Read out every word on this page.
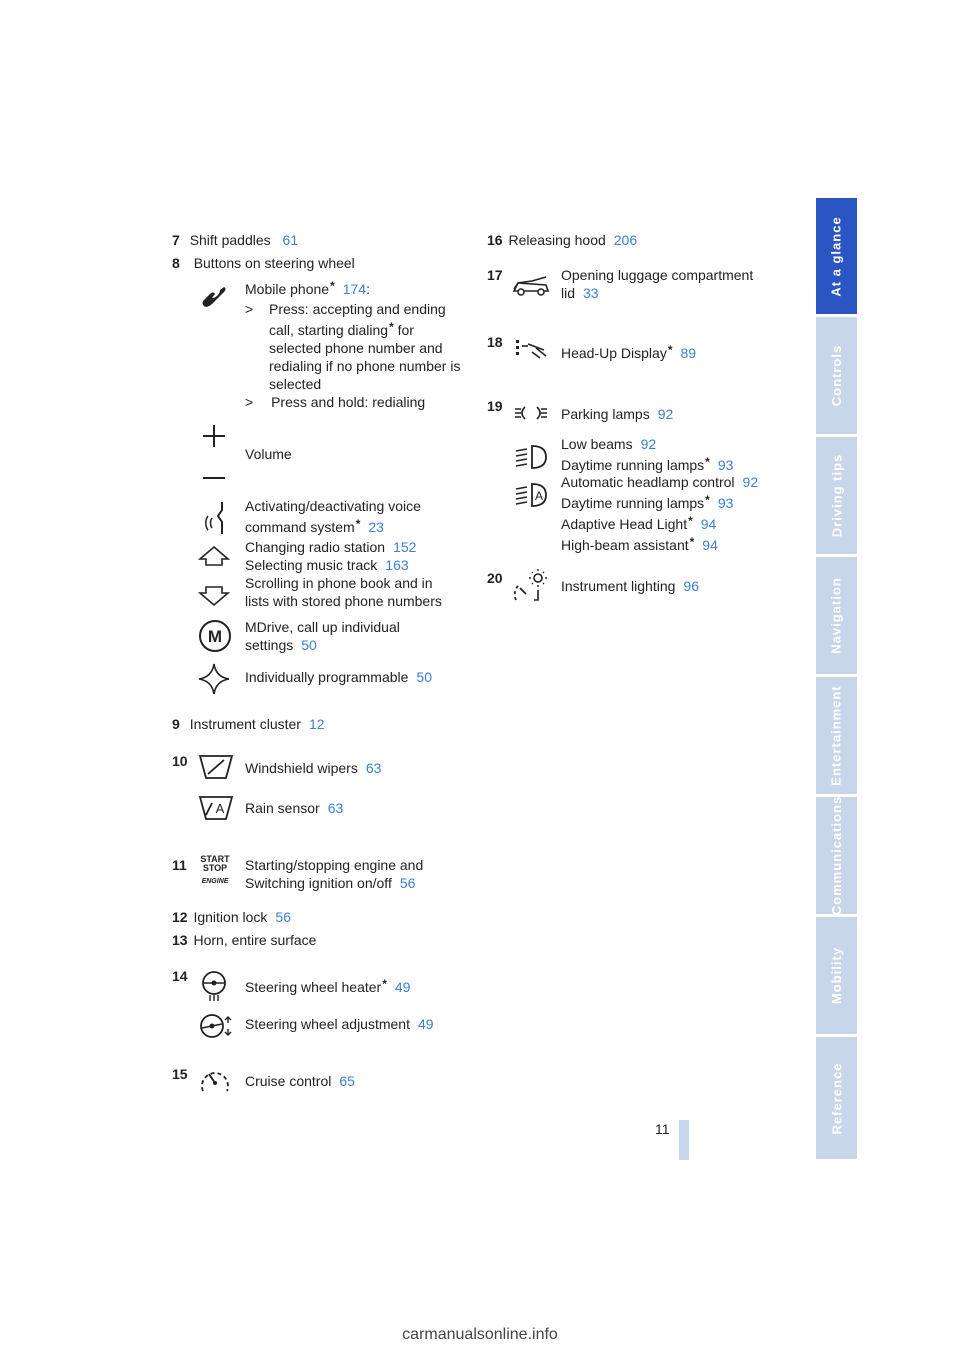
7 Shift paddles 61
8 Buttons on steering wheel
Mobile phone* 174:
> Press: accepting and ending
call, starting dialing* for
selected phone number and
redialing if no phone number is
selected
> Press and hold: redialing
Volume
Activating/deactivating voice
command system* 23
Changing radio station 152
Selecting music track 163
Scrolling in phone book and in
lists with stored phone numbers
M MDrive, call up individual
settings 50
Individually programmable 50
9 Instrument cluster 12
10	Windshield wipers 63
A Rain sensor 63
11 START
STOP
ENGINE
Starting/stopping engine and
Switching ignition on/off 56
12 Ignition lock 56
13 Horn, entire surface
14
Steering wheel heater* 49
Steering wheel adjustment 49
15	Cruise control 65
16 Releasing hood 206
17	Opening luggage compartment
lid 33
18
Head-Up Display* 89
19	Parking lamps 92
A
Low beams 92
Daytime running lamps* 93
Automatic headlamp control 92
Daytime running lamps* 93
Adaptive Head Light* 94
High-beam assistant* 94
20	Instrument lighting 96
11
At a glance
Controls
Driving tips
Navigation
Entertainment
Communications
Mobility
Reference
carmanualsonline.info
